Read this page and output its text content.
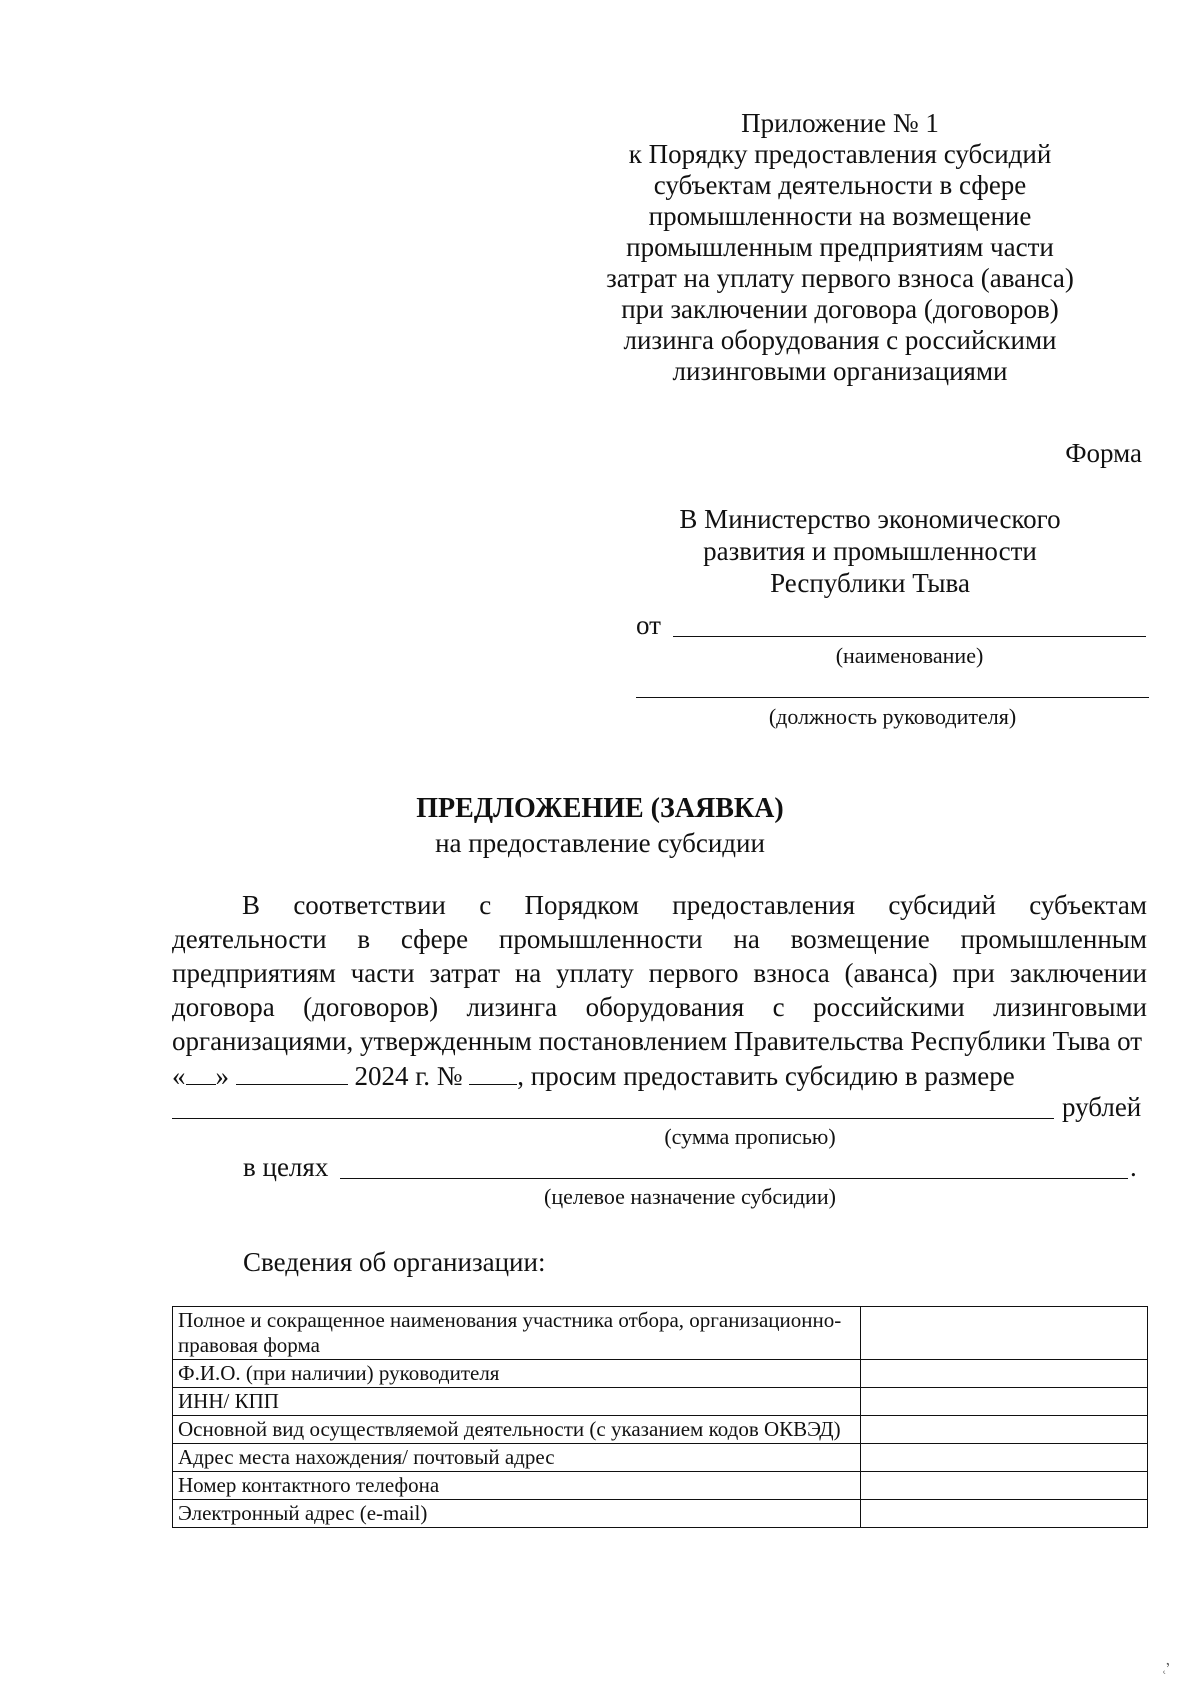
Приложение № 1
к Порядку предоставления субсидий
субъектам деятельности в сфере
промышленности на возмещение
промышленным предприятиям части
затрат на уплату первого взноса (аванса)
при заключении договора (договоров)
лизинга оборудования с российскими
лизинговыми организациями
Форма
В Министерство экономического
развития и промышленности
Республики Тыва
от
(наименование)
(должность руководителя)
ПРЕДЛОЖЕНИЕ (ЗАЯВКА)
на предоставление субсидии
В соответствии с Порядком предоставления субсидий субъектам деятельности в сфере промышленности на возмещение промышленным предприятиям части затрат на уплату первого взноса (аванса) при заключении договора (договоров) лизинга оборудования с российскими лизинговыми организациями, утвержденным постановлением Правительства Республики Тыва от
« »	2024 г. № , просим предоставить субсидию в размере
рублей
(сумма прописью)
в целях	.
(целевое назначение субсидии)
Сведения об организации:
Полное и сокращенное наименования участника отбора, организационно-правовая форма	
Ф.И.О. (при наличии) руководителя	
ИНН/ КПП	
Основной вид осуществляемой деятельности (с указанием кодов ОКВЭД)	
Адрес места нахождения/ почтовый адрес	
Номер контактного телефона	
Электронный адрес (e-mail)	
˓ʼ
